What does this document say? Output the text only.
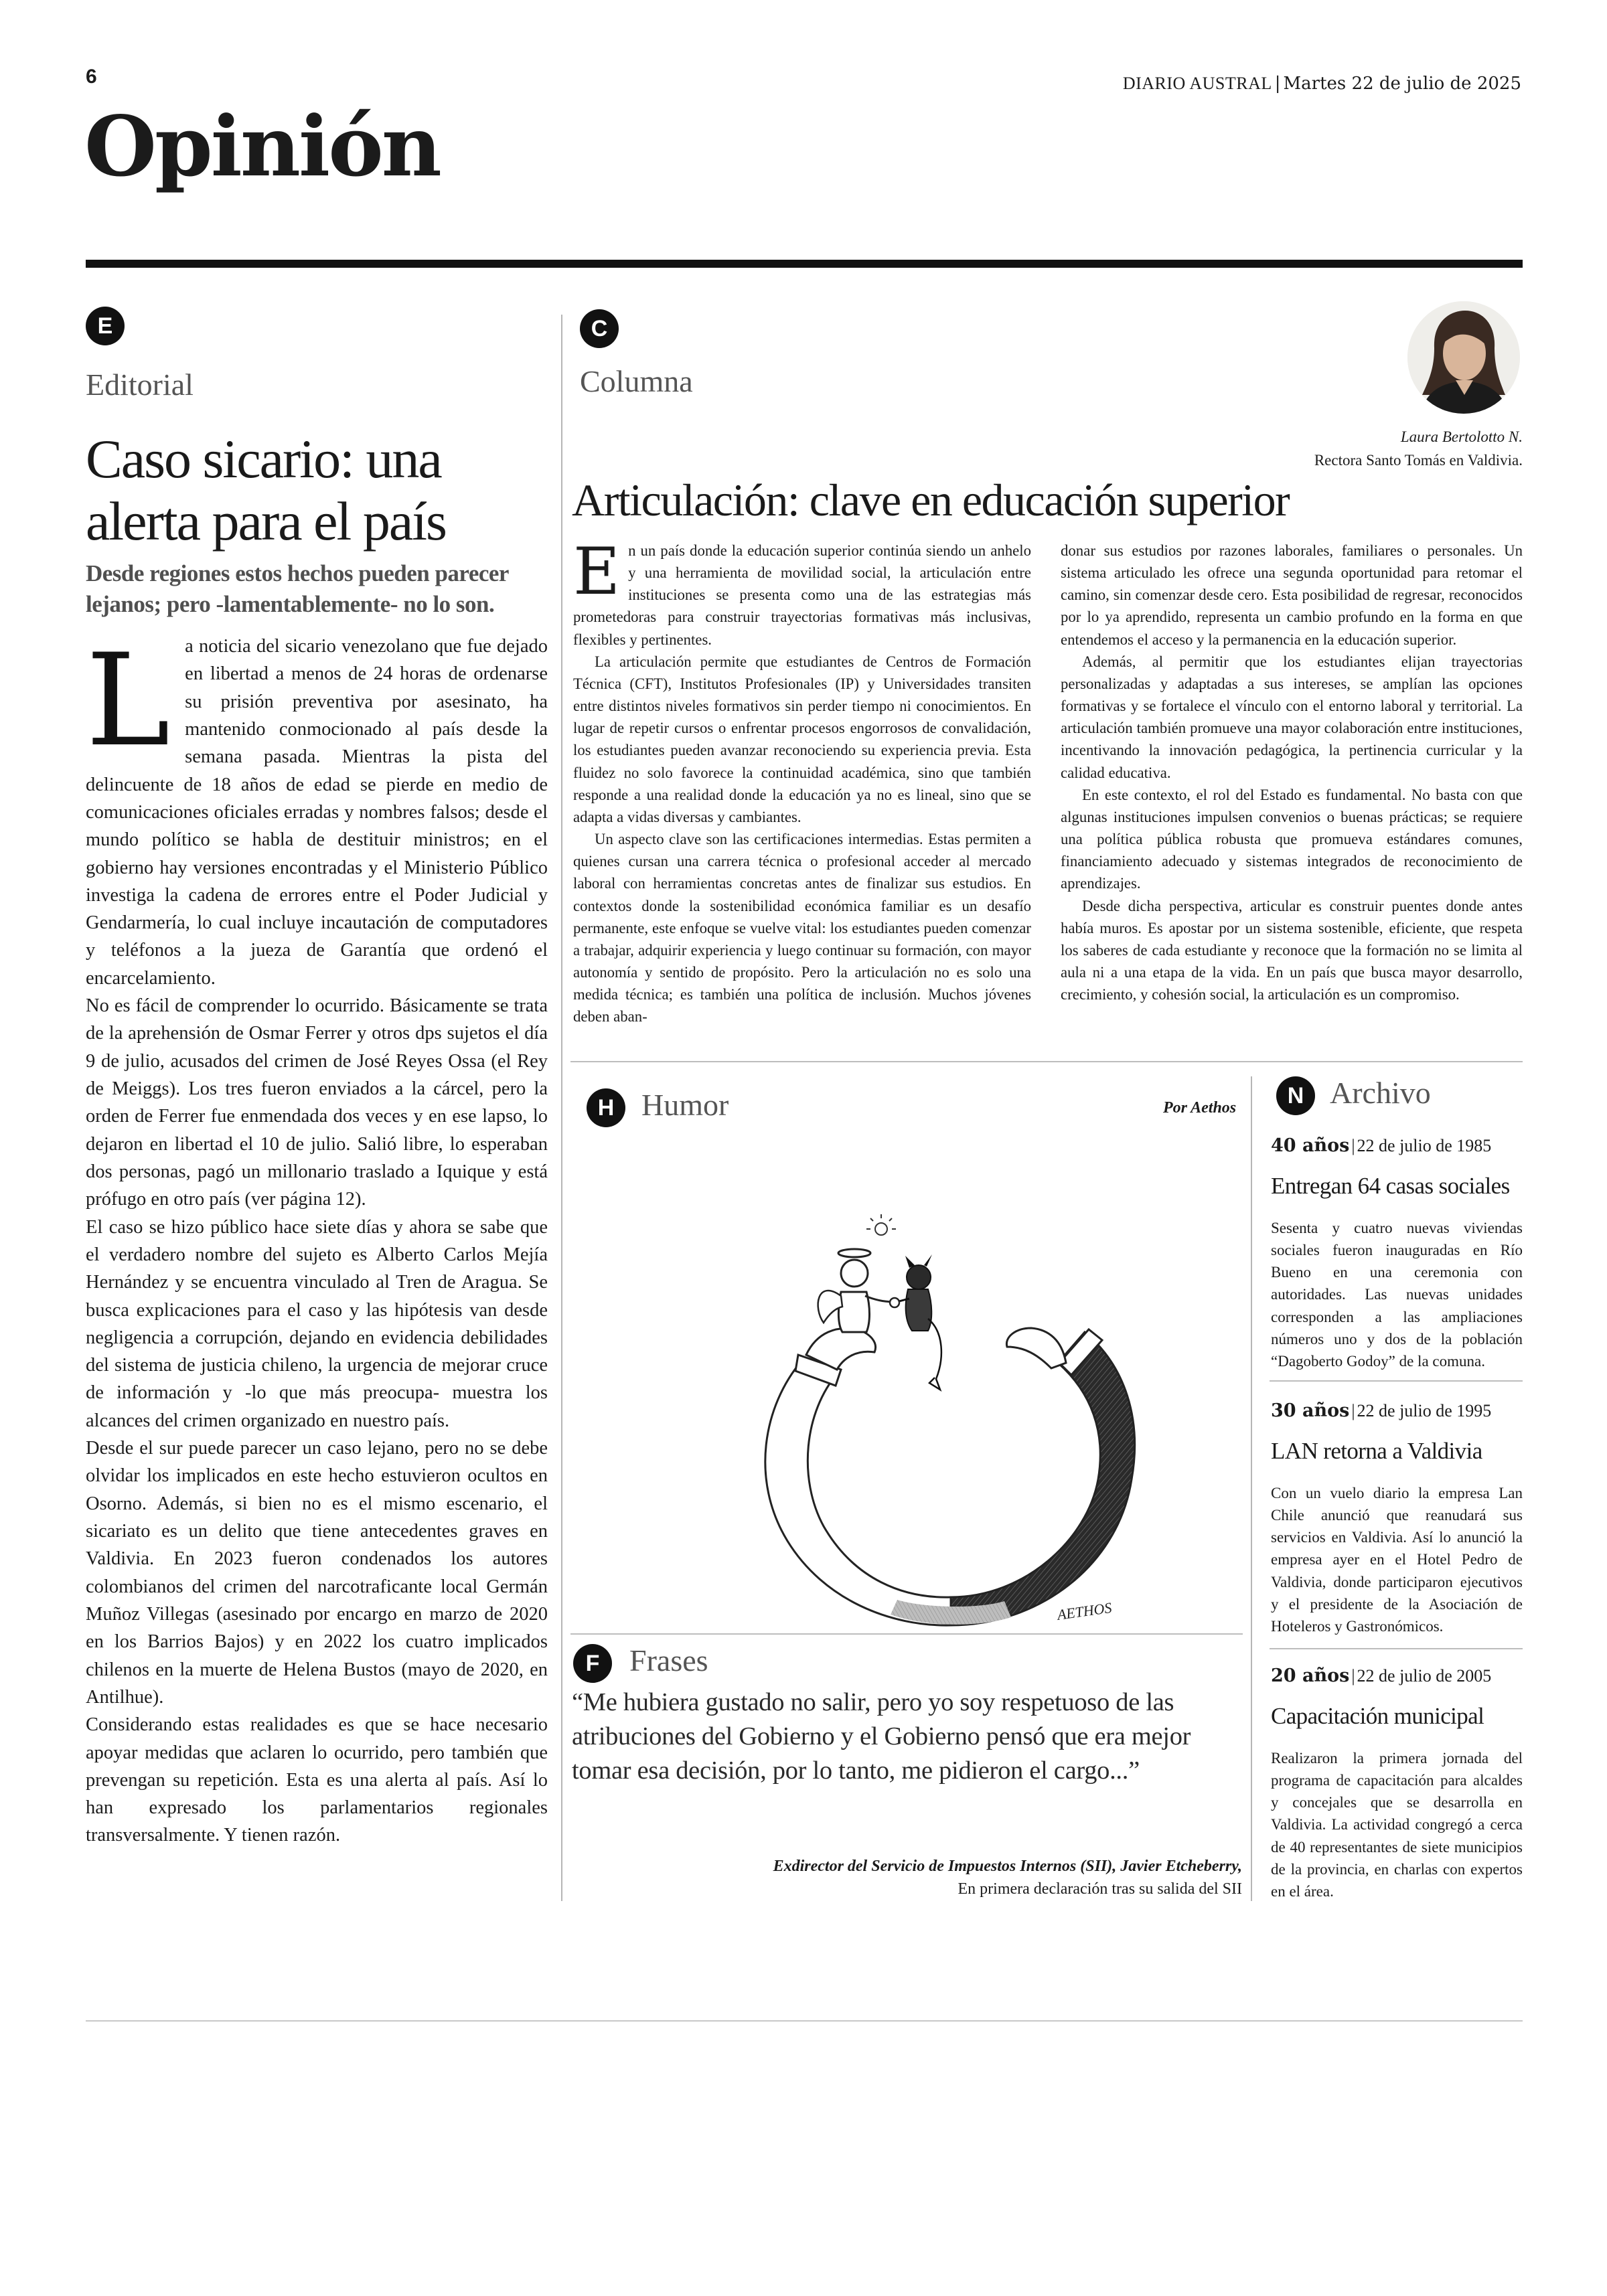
6	DIARIO AUSTRAL | Martes 22 de julio de 2025
Opinión
E
Editorial
Caso sicario: una alerta para el país
Desde regiones estos hechos pueden parecer lejanos; pero -lamentablemente- no lo son.

La noticia del sicario venezolano que fue dejado en libertad a menos de 24 horas de ordenarse su prisión preventiva por asesinato, ha mantenido conmocionado al país desde la semana pasada. Mientras la pista del delincuente de 18 años de edad se pierde en medio de comunicaciones oficiales erradas y nombres falsos; desde el mundo político se habla de destituir ministros; en el gobierno hay versiones encontradas y el Ministerio Público investiga la cadena de errores entre el Poder Judicial y Gendarmería, lo cual incluye incautación de computadores y teléfonos a la jueza de Garantía que ordenó el encarcelamiento.

No es fácil de comprender lo ocurrido. Básicamente se trata de la aprehensión de Osmar Ferrer y otros dps sujetos el día 9 de julio, acusados del crimen de José Reyes Ossa (el Rey de Meiggs). Los tres fueron enviados a la cárcel, pero la orden de Ferrer fue enmendada dos veces y en ese lapso, lo dejaron en libertad el 10 de julio. Salió libre, lo esperaban dos personas, pagó un millonario traslado a Iquique y está prófugo en otro país (ver página 12).

El caso se hizo público hace siete días y ahora se sabe que el verdadero nombre del sujeto es Alberto Carlos Mejía Hernández y se encuentra vinculado al Tren de Aragua. Se busca explicaciones para el caso y las hipótesis van desde negligencia a corrupción, dejando en evidencia debilidades del sistema de justicia chileno, la urgencia de mejorar cruce de información y -lo que más preocupa- muestra los alcances del crimen organizado en nuestro país.

Desde el sur puede parecer un caso lejano, pero no se debe olvidar los implicados en este hecho estuvieron ocultos en Osorno. Además, si bien no es el mismo escenario, el sicariato es un delito que tiene antecedentes graves en Valdivia. En 2023 fueron condenados los autores colombianos del crimen del narcotraficante local Germán Muñoz Villegas (asesinado por encargo en marzo de 2020 en los Barrios Bajos) y en 2022 los cuatro implicados chilenos en la muerte de Helena Bustos (mayo de 2020, en Antilhue).

Considerando estas realidades es que se hace necesario apoyar medidas que aclaren lo ocurrido, pero también que prevengan su repetición. Esta es una alerta al país. Así lo han expresado los parlamentarios regionales transversalmente. Y tienen razón.

C
Columna
Laura Bertolotto N.
Rectora Santo Tomás en Valdivia.
Articulación: clave en educación superior

En un país donde la educación superior continúa siendo un anhelo y una herramienta de movilidad social, la articulación entre instituciones se presenta como una de las estrategias más prometedoras para construir trayectorias formativas más inclusivas, flexibles y pertinentes.

La articulación permite que estudiantes de Centros de Formación Técnica (CFT), Institutos Profesionales (IP) y Universidades transiten entre distintos niveles formativos sin perder tiempo ni conocimientos. En lugar de repetir cursos o enfrentar procesos engorrosos de convalidación, los estudiantes pueden avanzar reconociendo su experiencia previa. Esta fluidez no solo favorece la continuidad académica, sino que también responde a una realidad donde la educación ya no es lineal, sino que se adapta a vidas diversas y cambiantes.

Un aspecto clave son las certificaciones intermedias. Estas permiten a quienes cursan una carrera técnica o profesional acceder al mercado laboral con herramientas concretas antes de finalizar sus estudios. En contextos donde la sostenibilidad económica familiar es un desafío permanente, este enfoque se vuelve vital: los estudiantes pueden comenzar a trabajar, adquirir experiencia y luego continuar su formación, con mayor autonomía y sentido de propósito. Pero la articulación no es solo una medida técnica; es también una política de inclusión. Muchos jóvenes deben aban-

donar sus estudios por razones laborales, familiares o personales. Un sistema articulado les ofrece una segunda oportunidad para retomar el camino, sin comenzar desde cero. Esta posibilidad de regresar, reconocidos por lo ya aprendido, representa un cambio profundo en la forma en que entendemos el acceso y la permanencia en la educación superior.

Además, al permitir que los estudiantes elijan trayectorias personalizadas y adaptadas a sus intereses, se amplían las opciones formativas y se fortalece el vínculo con el entorno laboral y territorial. La articulación también promueve una mayor colaboración entre instituciones, incentivando la innovación pedagógica, la pertinencia curricular y la calidad educativa.

En este contexto, el rol del Estado es fundamental. No basta con que algunas instituciones impulsen convenios o buenas prácticas; se requiere una política pública robusta que promueva estándares comunes, financiamiento adecuado y sistemas integrados de reconocimiento de aprendizajes.

Desde dicha perspectiva, articular es construir puentes donde antes había muros. Es apostar por un sistema sostenible, eficiente, que respeta los saberes de cada estudiante y reconoce que la formación no se limita al aula ni a una etapa de la vida. En un país que busca mayor desarrollo, crecimiento, y cohesión social, la articulación es un compromiso.

H Humor	Por Aethos
AETHOS
F Frases
“Me hubiera gustado no salir, pero yo soy respetuoso de las atribuciones del Gobierno y el Gobierno pensó que era mejor tomar esa decisión, por lo tanto, me pidieron el cargo...”
Exdirector del Servicio de Impuestos Internos (SII), Javier Etcheberry,
En primera declaración tras su salida del SII
N Archivo
40 años | 22 de julio de 1985
Entregan 64 casas sociales
Sesenta y cuatro nuevas viviendas sociales fueron inauguradas en Río Bueno en una ceremonia con autoridades. Las nuevas unidades corresponden a las ampliaciones números uno y dos de la población “Dagoberto Godoy” de la comuna.
30 años | 22 de julio de 1995
LAN retorna a Valdivia
Con un vuelo diario la empresa Lan Chile anunció que reanudará sus servicios en Valdivia. Así lo anunció la empresa ayer en el Hotel Pedro de Valdivia, donde participaron ejecutivos y el presidente de la Asociación de Hoteleros y Gastronómicos.
20 años | 22 de julio de 2005
Capacitación municipal
Realizaron la primera jornada del programa de capacitación para alcaldes y concejales que se desarrolla en Valdivia. La actividad congregó a cerca de 40 representantes de siete municipios de la provincia, en charlas con expertos en el área.
